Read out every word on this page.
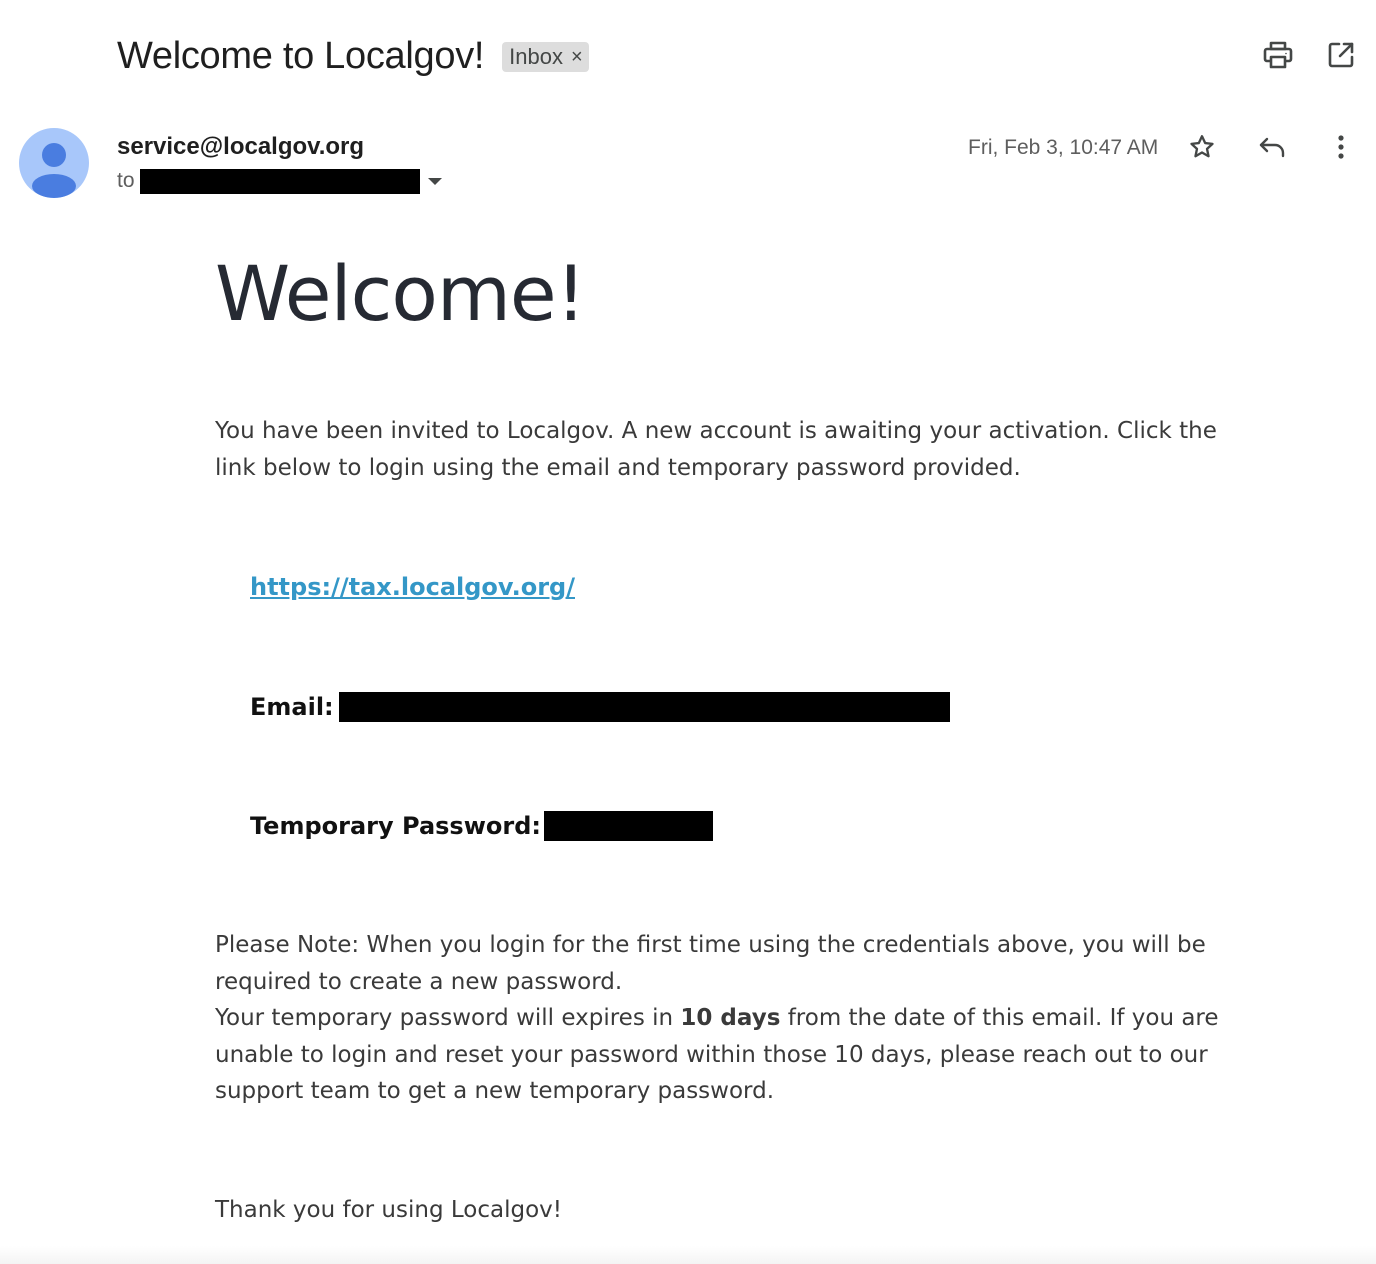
Welcome to Localgov! Inbox ×
service@localgov.org
to
Fri, Feb 3, 10:47 AM
Welcome!

You have been invited to Localgov. A new account is awaiting your activation. Click the link below to login using the email and temporary password provided.

https://tax.localgov.org/
Email:
Temporary Password:

Please Note: When you login for the first time using the credentials above, you will be required to create a new password.
Your temporary password will expires in 10 days from the date of this email. If you are unable to login and reset your password within those 10 days, please reach out to our support team to get a new temporary password.

Thank you for using Localgov!
